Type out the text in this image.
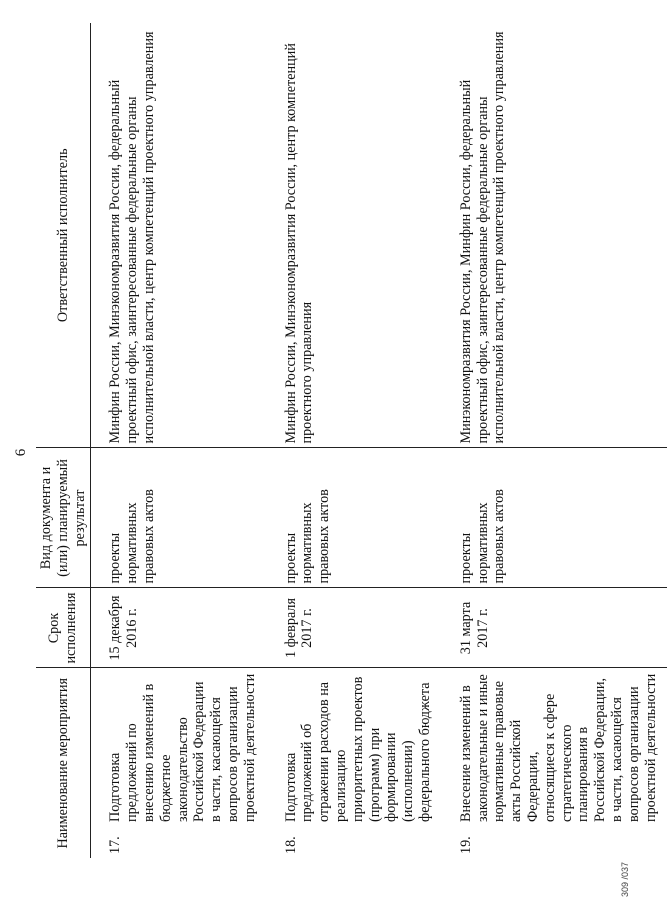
6
Наименование мероприятия	Срок исполнения	Вид документа и (или) планируемый результат	Ответственный исполнитель

17.
Подготовка предложений по внесению изменений в бюджетное законодательство Российской Федерации в части, касающейся вопросов организации проектной деятельности	15 декабря 2016 г.	проекты нормативных правовых актов	Минфин России, Минэкономразвития России, федеральный проектный офис, заинтересованные федеральные органы исполнительной власти, центр компетенций проектного управления

18.
Подготовка предложений об отражении расходов на реализацию приоритетных проектов (программ) при формировании (исполнении) федерального бюджета	1 февраля 2017 г.	проекты нормативных правовых актов	Минфин России, Минэкономразвития России, центр компетенций проектного управления

19.
Внесение изменений в законодательные и иные нормативные правовые акты Российской Федерации, относящиеся к сфере стратегического планирования в Российской Федерации, в части, касающейся вопросов организации проектной деятельности	31 марта 2017 г.	проекты нормативных правовых актов	Минэкономразвития России, Минфин России, федеральный проектный офис, заинтересованные федеральные органы исполнительной власти, центр компетенций проектного управления
309 /037
